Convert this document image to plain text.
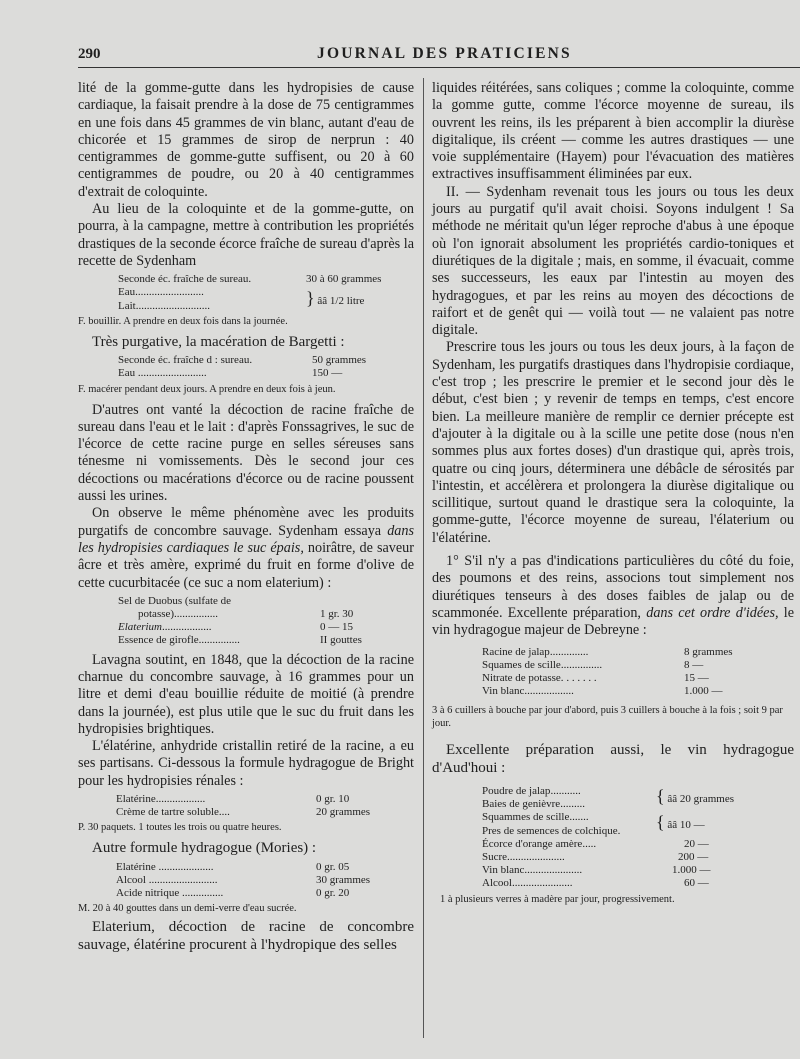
290	JOURNAL DES PRATICIENS

lité de la gomme-gutte dans les hydropisies de cause cardiaque, la faisait prendre à la dose de 75 centigrammes en une fois dans 45 grammes de vin blanc, autant d'eau de chicorée et 15 grammes de sirop de nerprun : 40 centigrammes de gomme-gutte suffisent, ou 20 à 60 centigrammes de poudre, ou 20 à 40 centigrammes d'extrait de coloquinte.

Au lieu de la coloquinte et de la gomme-gutte, on pourra, à la campagne, mettre à contribution les propriétés drastiques de la seconde écorce fraîche de sureau d'après la recette de Sydenham

Seconde éc. fraîche de sureau.	30 à 60 grammes
Eau.........................	} ââ 1/2 litre
Lait...........................	
F. bouillir. A prendre en deux fois dans la journée.

Très purgative, la macération de Bargetti :

Seconde éc. fraîche d : sureau.	50 grammes
Eau .........................	150 —
F. macérer pendant deux jours. A prendre en deux fois à jeun.

D'autres ont vanté la décoction de racine fraîche de sureau dans l'eau et le lait : d'après Fonssagrives, le suc de l'écorce de cette racine purge en selles séreuses sans ténesme ni vomissements. Dès le second jour ces décoctions ou macérations d'écorce ou de racine poussent aussi les urines.

On observe le même phénomène avec les produits purgatifs de concombre sauvage. Sydenham essaya dans les hydropisies cardiaques le suc épais, noirâtre, de saveur âcre et très amère, exprimé du fruit en forme d'olive de cette cucurbitacée (ce suc a nom elaterium) :

Sel de Duobus (sulfate de	
potasse)................	1 gr. 30
Elaterium..................	0 — 15
Essence de girofle...............	II gouttes

Lavagna soutint, en 1848, que la décoction de la racine charnue du concombre sauvage, à 16 grammes pour un litre et demi d'eau bouillie réduite de moitié (à prendre dans la journée), est plus utile que le suc du fruit dans les hydropisies brightiques.

L'élatérine, anhydride cristallin retiré de la racine, a eu ses partisans. Ci-dessous la formule hydragogue de Bright pour les hydropisies rénales :

Elatérine..................	0 gr. 10
Crème de tartre soluble....	20 grammes
P. 30 paquets. 1 toutes les trois ou quatre heures.

Autre formule hydragogue (Mories) :

Elatérine ....................	0 gr. 05
Alcool .........................	30 grammes
Acide nitrique ...............	0 gr. 20
M. 20 à 40 gouttes dans un demi-verre d'eau sucrée.

Elaterium, décoction de racine de concombre sauvage, élatérine procurent à l'hydropique des selles

liquides réitérées, sans coliques ; comme la coloquinte, comme la gomme gutte, comme l'écorce moyenne de sureau, ils ouvrent les reins, ils les préparent à bien accomplir la diurèse digitalique, ils créent — comme les autres drastiques — une voie supplémentaire (Hayem) pour l'évacuation des matières extractives insuffisamment éliminées par eux.

II. — Sydenham revenait tous les jours ou tous les deux jours au purgatif qu'il avait choisi. Soyons indulgent ! Sa méthode ne méritait qu'un léger reproche d'abus à une époque où l'on ignorait absolument les propriétés cardio-toniques et diurétiques de la digitale ; mais, en somme, il évacuait, comme ses successeurs, les eaux par l'intestin au moyen des hydragogues, et par les reins au moyen des décoctions de raifort et de genêt qui — voilà tout — ne valaient pas notre digitale.

Prescrire tous les jours ou tous les deux jours, à la façon de Sydenham, les purgatifs drastiques dans l'hydropisie cordiaque, c'est trop ; les prescrire le premier et le second jour dès le début, c'est bien ; y revenir de temps en temps, c'est encore bien. La meilleure manière de remplir ce dernier précepte est d'ajouter à la digitale ou à la scille une petite dose (nous n'en sommes plus aux fortes doses) d'un drastique qui, après trois, quatre ou cinq jours, déterminera une débâcle de sérosités par l'intestin, et accélèrera et prolongera la diurèse digitalique ou scillitique, surtout quand le drastique sera la coloquinte, la gomme-gutte, l'écorce moyenne de sureau, l'élaterium ou l'élatérine.

1° S'il n'y a pas d'indications particulières du côté du foie, des poumons et des reins, associons tout simplement nos diurétiques tenseurs à des doses faibles de jalap ou de scammonée. Excellente préparation, dans cet ordre d'idées, le vin hydragogue majeur de Debreyne :

Racine de jalap..............	8 grammes
Squames de scille...............	8 —
Nitrate de potasse. . . . . . .	15 —
Vin blanc..................	1.000 —
3 à 6 cuillers à bouche par jour d'abord, puis 3 cuillers à bouche à la fois ; soit 9 par jour.

Excellente préparation aussi, le vin hydragogue d'Aud'houi :

Poudre de jalap...........	{ ââ 20 grammes
Baies de genièvre.........	
Squammes de scille.......	{ ââ 10 —
Pres de semences de colchique.	
Écorce d'orange amère.....	20 —
Sucre.....................	200 —
Vin blanc.....................	1.000 —
Alcool......................	60 —
1 à plusieurs verres à madère par jour, progressivement.
